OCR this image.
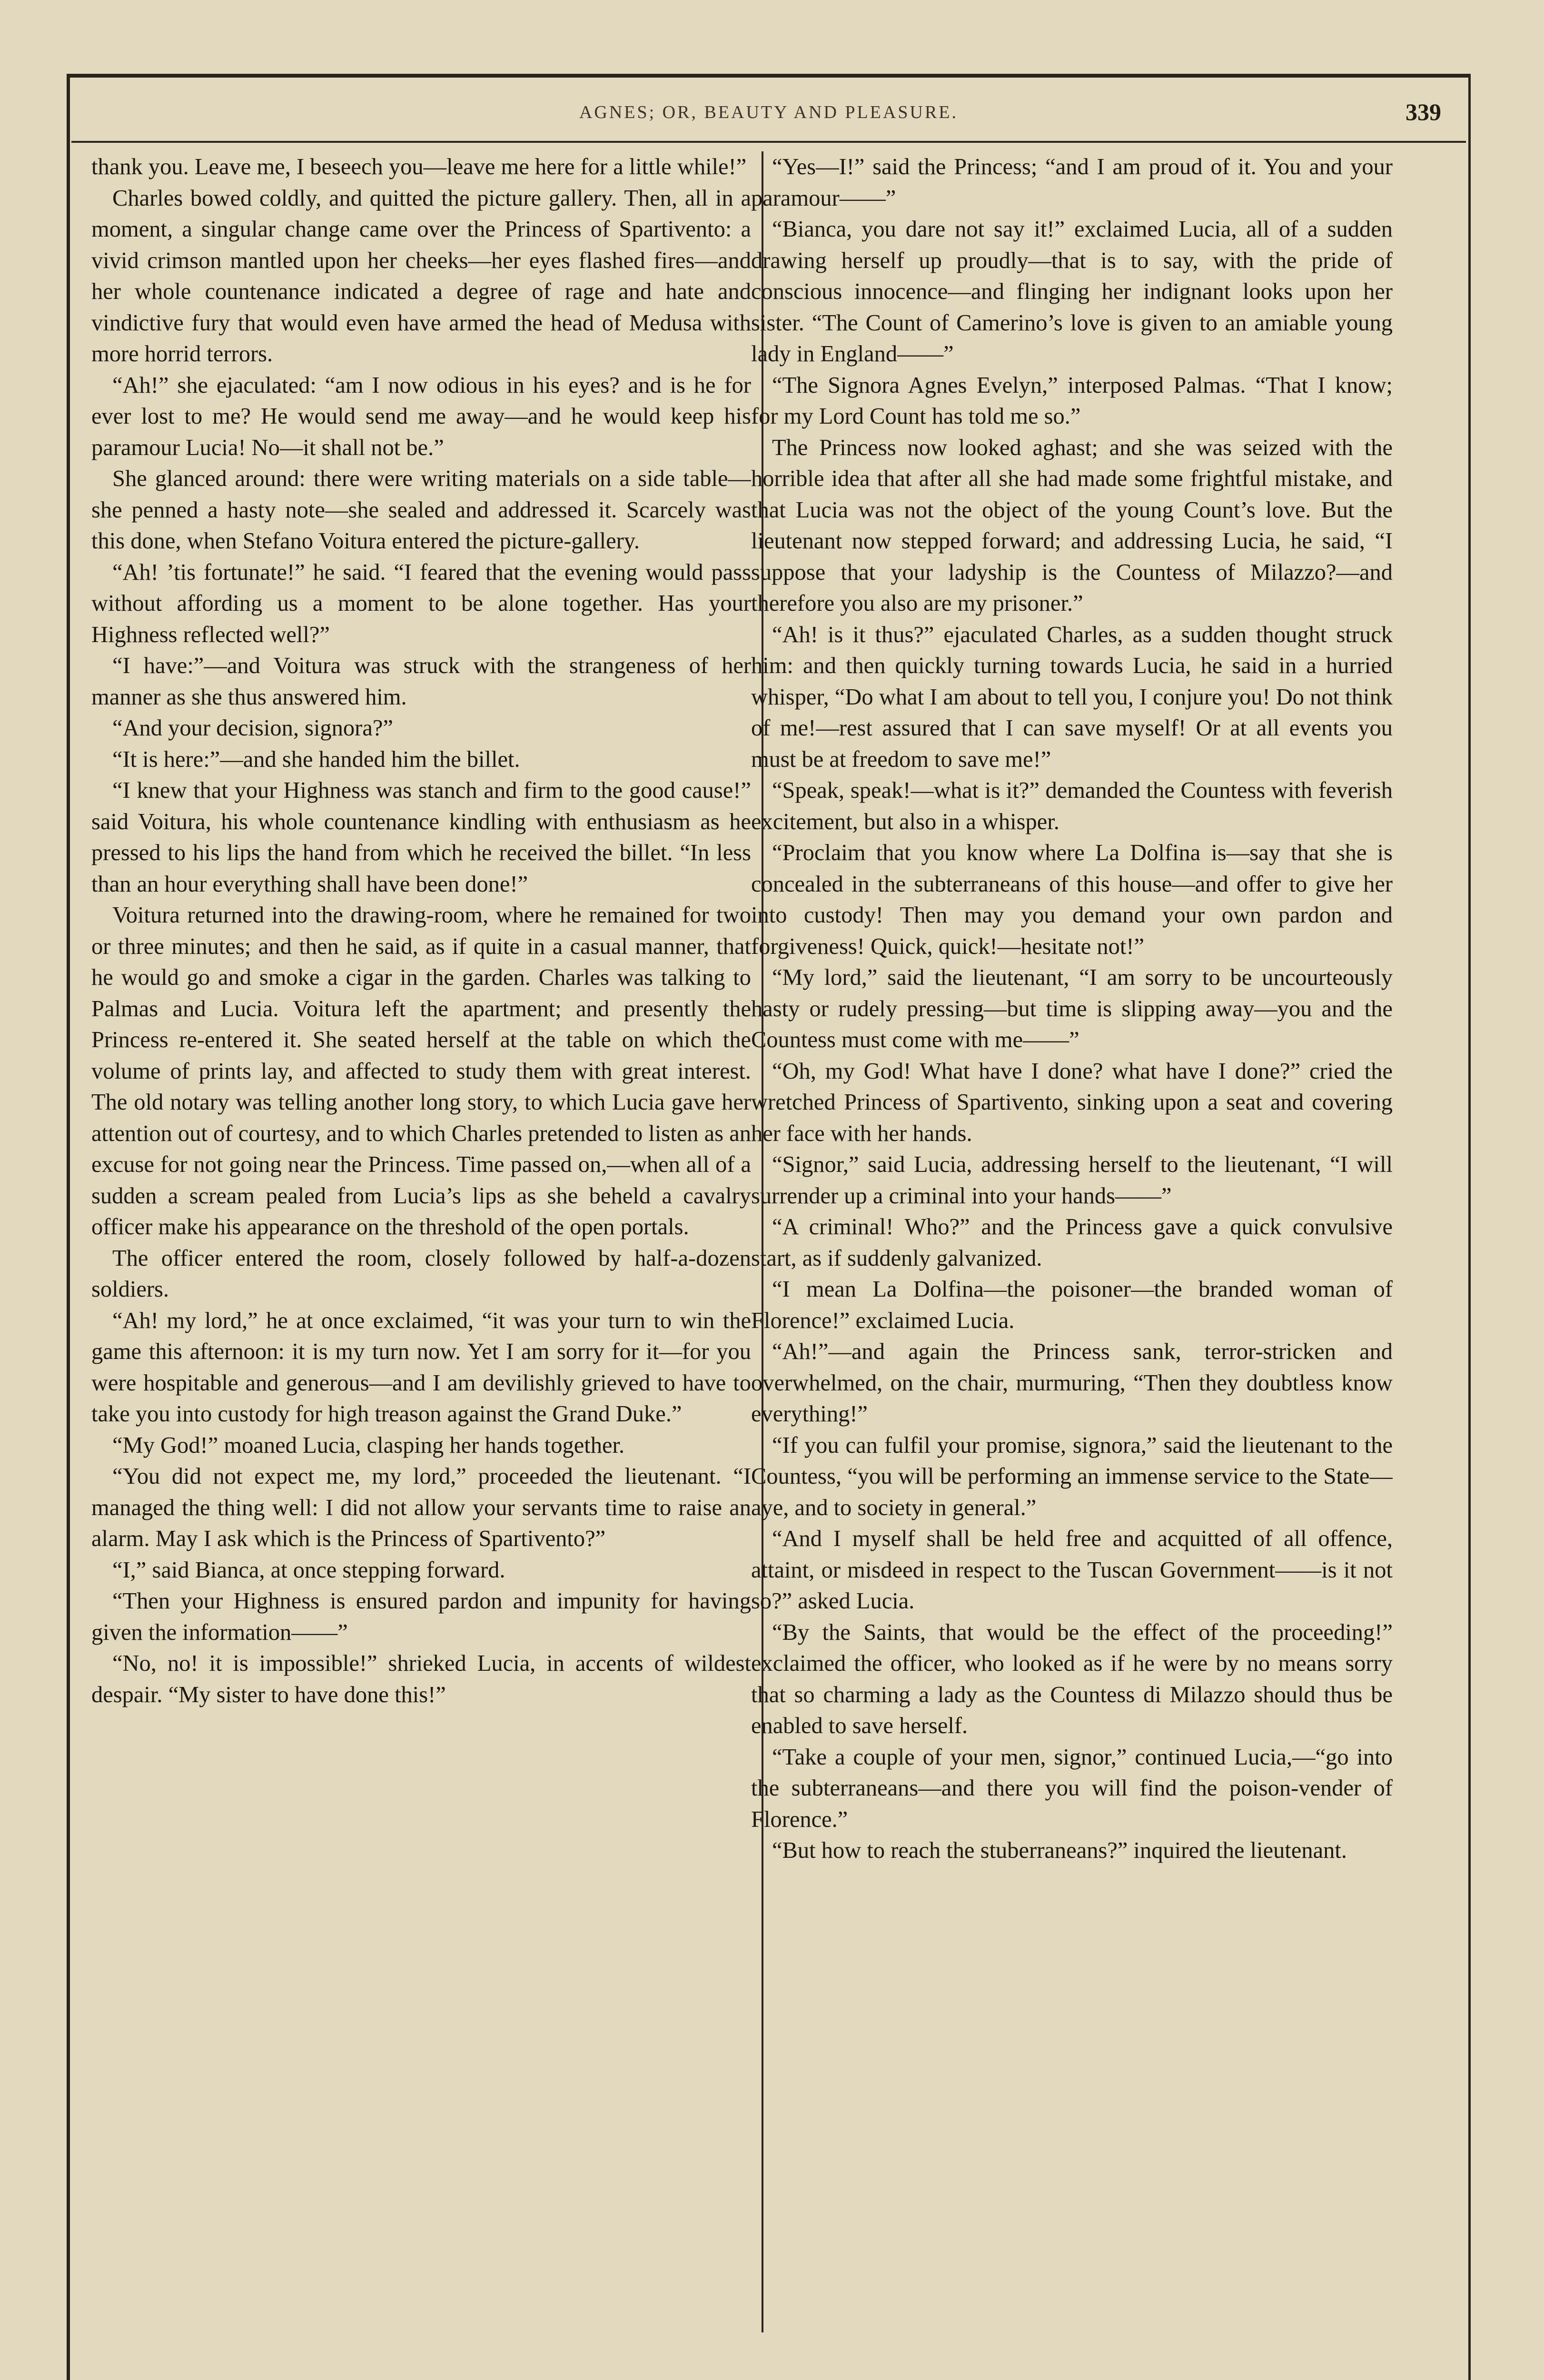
AGNES; OR, BEAUTY AND PLEASURE.	339

thank you. Leave me, I beseech you—leave me here for a little while!”

Charles bowed coldly, and quitted the picture gallery. Then, all in a moment, a singular change came over the Princess of Spartivento: a vivid crimson mantled upon her cheeks—her eyes flashed fires—and her whole countenance indicated a degree of rage and hate and vindictive fury that would even have armed the head of Medusa with more horrid terrors.

“Ah!” she ejaculated: “am I now odious in his eyes? and is he for ever lost to me? He would send me away—and he would keep his paramour Lucia! No—it shall not be.”

She glanced around: there were writing materials on a side table—she penned a hasty note—she sealed and addressed it. Scarcely was this done, when Stefano Voitura entered the picture-gallery.

“Ah! ’tis fortunate!” he said. “I feared that the evening would pass without affording us a moment to be alone together. Has your Highness reflected well?”

“I have:”—and Voitura was struck with the strangeness of her manner as she thus answered him.

“And your decision, signora?”

“It is here:”—and she handed him the billet.

“I knew that your Highness was stanch and firm to the good cause!” said Voitura, his whole countenance kindling with enthusiasm as he pressed to his lips the hand from which he received the billet. “In less than an hour everything shall have been done!”

Voitura returned into the drawing-room, where he remained for two or three minutes; and then he said, as if quite in a casual manner, that he would go and smoke a cigar in the garden. Charles was talking to Palmas and Lucia. Voitura left the apartment; and presently the Princess re-entered it. She seated herself at the table on which the volume of prints lay, and affected to study them with great interest. The old notary was telling another long story, to which Lucia gave her attention out of courtesy, and to which Charles pretended to listen as an excuse for not going near the Princess. Time passed on,—when all of a sudden a scream pealed from Lucia’s lips as she beheld a cavalry officer make his appearance on the threshold of the open portals.

The officer entered the room, closely followed by half-a-dozen soldiers.

“Ah! my lord,” he at once exclaimed, “it was your turn to win the game this afternoon: it is my turn now. Yet I am sorry for it—for you were hospitable and generous—and I am devilishly grieved to have to take you into custody for high treason against the Grand Duke.”

“My God!” moaned Lucia, clasping her hands together.

“You did not expect me, my lord,” proceeded the lieutenant. “I managed the thing well: I did not allow your servants time to raise an alarm. May I ask which is the Princess of Spartivento?”

“I,” said Bianca, at once stepping forward.

“Then your Highness is ensured pardon and impunity for having given the information——”

“No, no! it is impossible!” shrieked Lucia, in accents of wildest despair. “My sister to have done this!”

“Yes—I!” said the Princess; “and I am proud of it. You and your paramour——”

“Bianca, you dare not say it!” exclaimed Lucia, all of a sudden drawing herself up proudly—that is to say, with the pride of conscious innocence—and flinging her indignant looks upon her sister. “The Count of Camerino’s love is given to an amiable young lady in England——”

“The Signora Agnes Evelyn,” interposed Palmas. “That I know; for my Lord Count has told me so.”

The Princess now looked aghast; and she was seized with the horrible idea that after all she had made some frightful mistake, and that Lucia was not the object of the young Count’s love. But the lieutenant now stepped forward; and addressing Lucia, he said, “I suppose that your ladyship is the Countess of Milazzo?—and therefore you also are my prisoner.”

“Ah! is it thus?” ejaculated Charles, as a sudden thought struck him: and then quickly turning towards Lucia, he said in a hurried whisper, “Do what I am about to tell you, I conjure you! Do not think of me!—rest assured that I can save myself! Or at all events you must be at freedom to save me!”

“Speak, speak!—what is it?” demanded the Countess with feverish excitement, but also in a whisper.

“Proclaim that you know where La Dolfina is—say that she is concealed in the subterraneans of this house—and offer to give her into custody! Then may you demand your own pardon and forgiveness! Quick, quick!—hesitate not!”

“My lord,” said the lieutenant, “I am sorry to be uncourteously hasty or rudely pressing—but time is slipping away—you and the Countess must come with me——”

“Oh, my God! What have I done? what have I done?” cried the wretched Princess of Spartivento, sinking upon a seat and covering her face with her hands.

“Signor,” said Lucia, addressing herself to the lieutenant, “I will surrender up a criminal into your hands——”

“A criminal! Who?” and the Princess gave a quick convulsive start, as if suddenly galvanized.

“I mean La Dolfina—the poisoner—the branded woman of Florence!” exclaimed Lucia.

“Ah!”—and again the Princess sank, terror-stricken and overwhelmed, on the chair, murmuring, “Then they doubtless know everything!”

“If you can fulfil your promise, signora,” said the lieutenant to the Countess, “you will be performing an immense service to the State—aye, and to society in general.”

“And I myself shall be held free and acquitted of all offence, attaint, or misdeed in respect to the Tuscan Government——is it not so?” asked Lucia.

“By the Saints, that would be the effect of the proceeding!” exclaimed the officer, who looked as if he were by no means sorry that so charming a lady as the Countess di Milazzo should thus be enabled to save herself.

“Take a couple of your men, signor,” continued Lucia,—“go into the subterraneans—and there you will find the poison-vender of Florence.”

“But how to reach the stuberraneans?” inquired the lieutenant.
